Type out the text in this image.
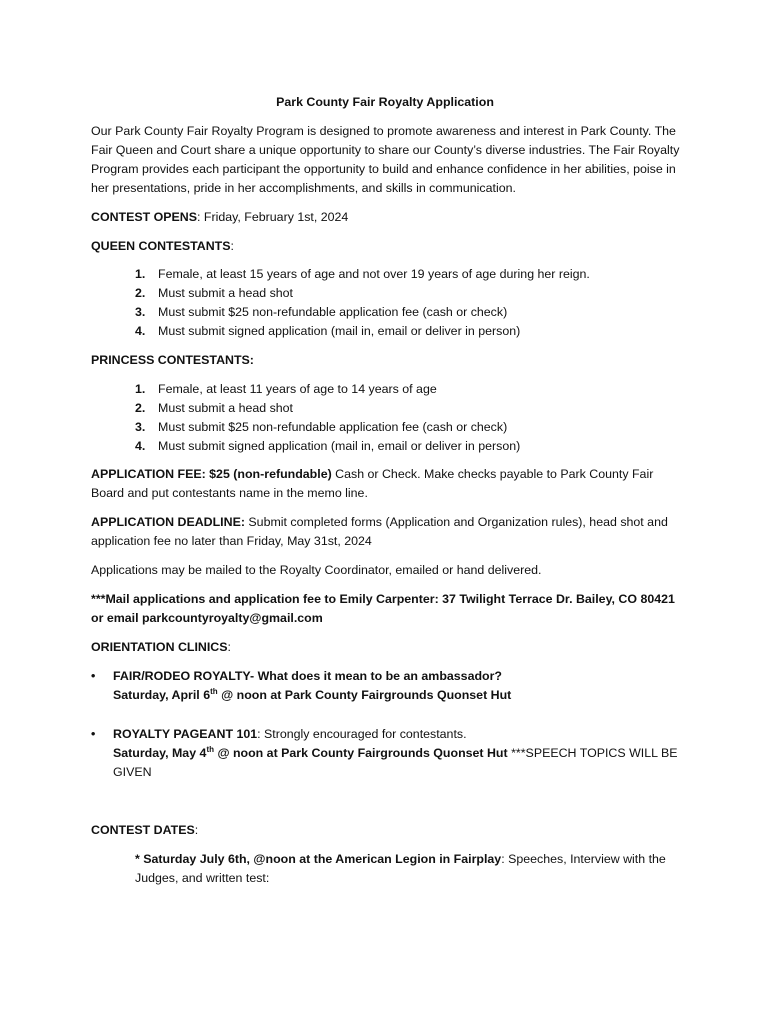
Park County Fair Royalty Application

Our Park County Fair Royalty Program is designed to promote awareness and interest in Park County. The Fair Queen and Court share a unique opportunity to share our County’s diverse industries. The Fair Royalty Program provides each participant the opportunity to build and enhance confidence in her abilities, poise in her presentations, pride in her accomplishments, and skills in communication.

CONTEST OPENS: Friday, February 1st, 2024

QUEEN CONTESTANTS:

1. Female, at least 15 years of age and not over 19 years of age during her reign.
2. Must submit a head shot
3. Must submit $25 non-refundable application fee (cash or check)
4. Must submit signed application (mail in, email or deliver in person)

PRINCESS CONTESTANTS:

1. Female, at least 11 years of age to 14 years of age
2. Must submit a head shot
3. Must submit $25 non-refundable application fee (cash or check)
4. Must submit signed application (mail in, email or deliver in person)

APPLICATION FEE: $25 (non-refundable) Cash or Check. Make checks payable to Park County Fair Board and put contestants name in the memo line.

APPLICATION DEADLINE: Submit completed forms (Application and Organization rules), head shot and application fee no later than Friday, May 31st, 2024

Applications may be mailed to the Royalty Coordinator, emailed or hand delivered.

***Mail applications and application fee to Emily Carpenter: 37 Twilight Terrace Dr. Bailey, CO 80421 or email parkcountyroyalty@gmail.com

ORIENTATION CLINICS:

• FAIR/RODEO ROYALTY- What does it mean to be an ambassador?
Saturday, April 6th @ noon at Park County Fairgrounds Quonset Hut
• ROYALTY PAGEANT 101: Strongly encouraged for contestants.
Saturday, May 4th @ noon at Park County Fairgrounds Quonset Hut ***SPEECH TOPICS WILL BE GIVEN

CONTEST DATES:

* Saturday July 6th, @noon at the American Legion in Fairplay: Speeches, Interview with the Judges, and written test:
